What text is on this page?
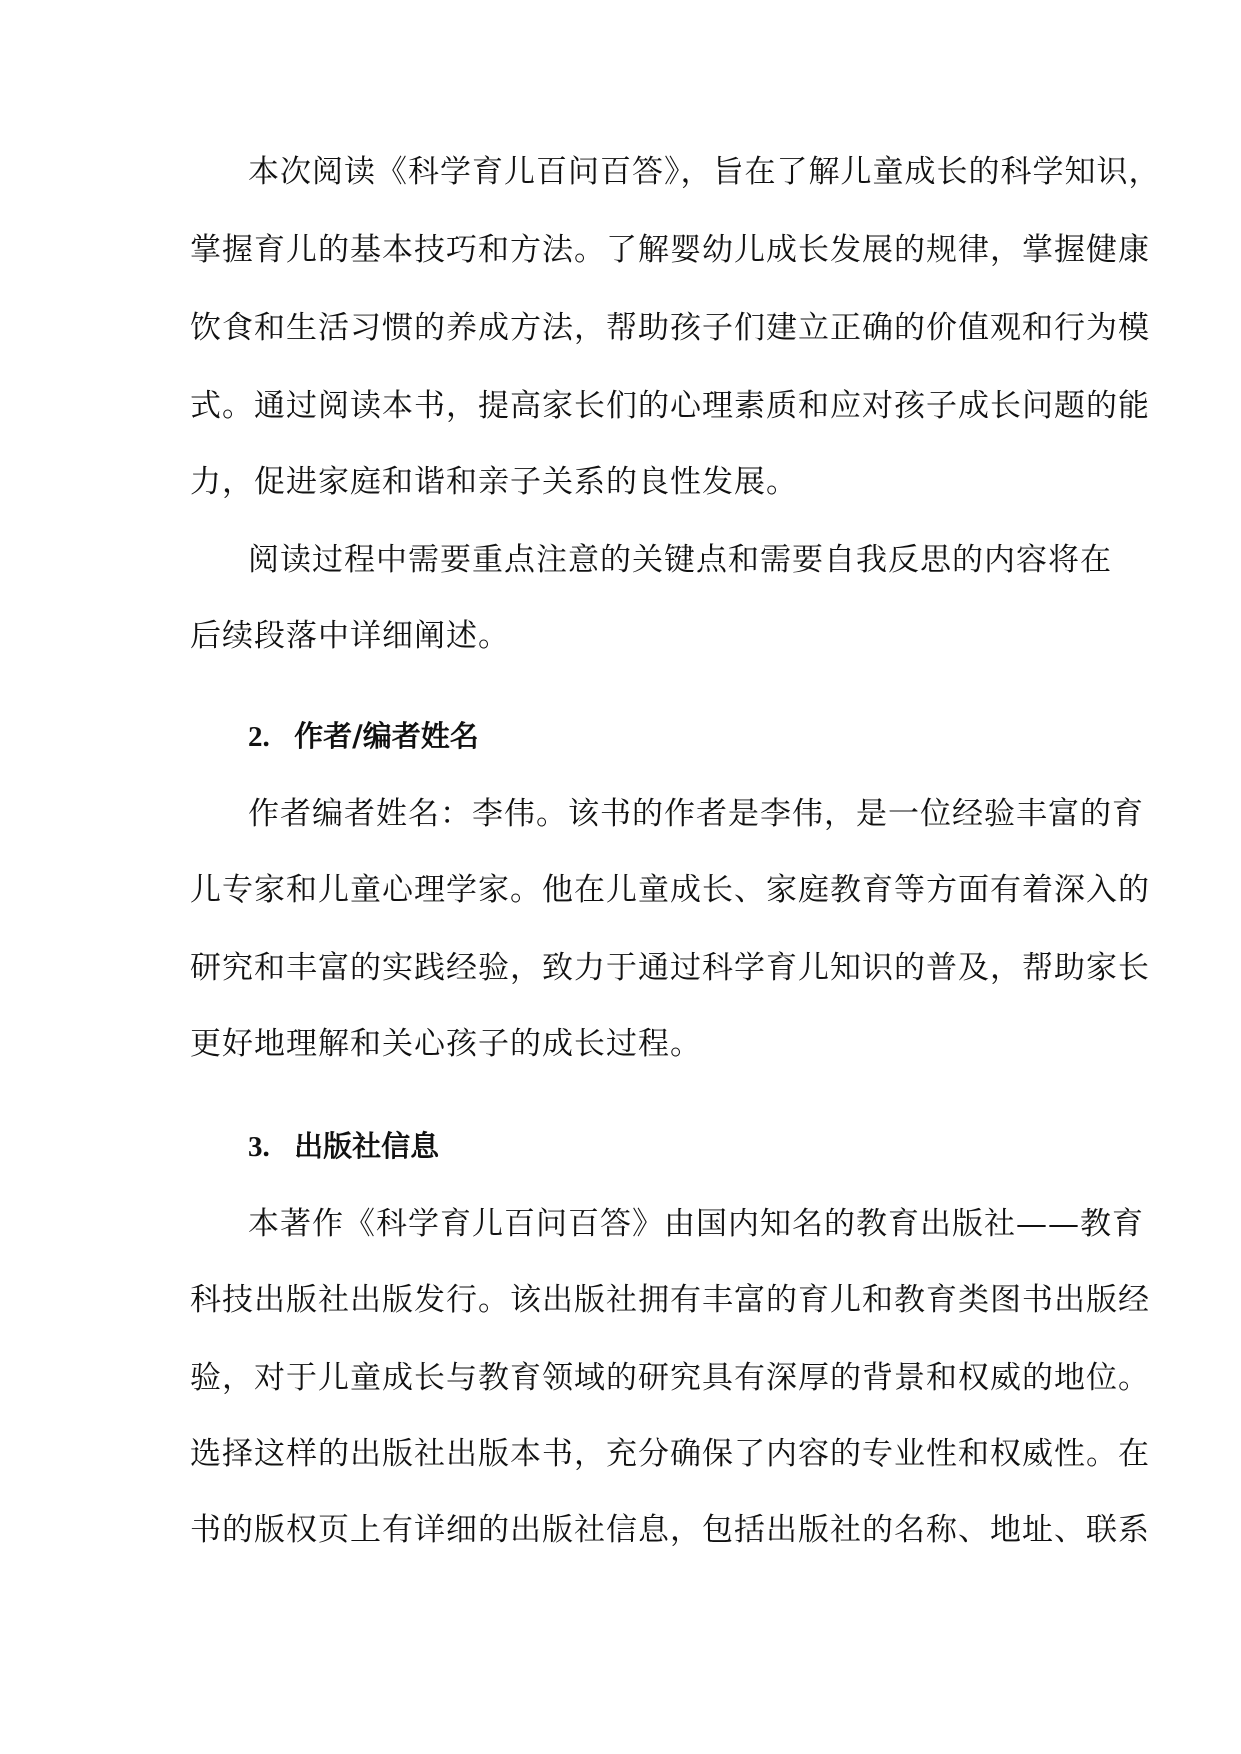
本次阅读《科学育儿百问百答》，旨在了解儿童成长的科学知识，
掌握育儿的基本技巧和方法。了解婴幼儿成长发展的规律，掌握健康
饮食和生活习惯的养成方法，帮助孩子们建立正确的价值观和行为模
式。通过阅读本书，提高家长们的心理素质和应对孩子成长问题的能
力，促进家庭和谐和亲子关系的良性发展。
阅读过程中需要重点注意的关键点和需要自我反思的内容将在
后续段落中详细阐述。
2. 作者/编者姓名
作者编者姓名：李伟。该书的作者是李伟，是一位经验丰富的育
儿专家和儿童心理学家。他在儿童成长、家庭教育等方面有着深入的
研究和丰富的实践经验，致力于通过科学育儿知识的普及，帮助家长
更好地理解和关心孩子的成长过程。
3. 出版社信息
本著作《科学育儿百问百答》由国内知名的教育出版社——教育
科技出版社出版发行。该出版社拥有丰富的育儿和教育类图书出版经
验，对于儿童成长与教育领域的研究具有深厚的背景和权威的地位。
选择这样的出版社出版本书，充分确保了内容的专业性和权威性。在
书的版权页上有详细的出版社信息，包括出版社的名称、地址、联系
